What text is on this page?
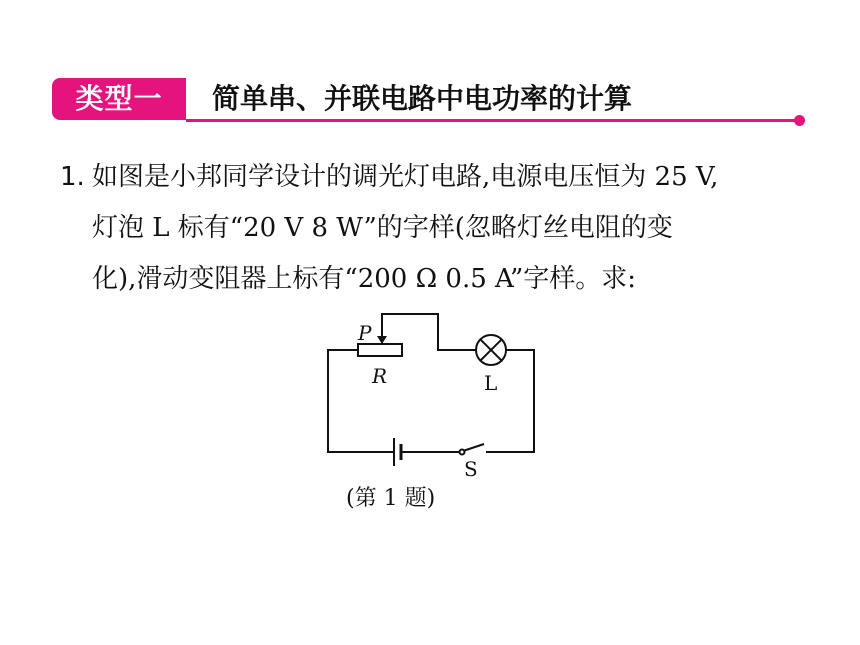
类型一	简单串、并联电路中电功率的计算
1. 如图是小邦同学设计的调光灯电路,电源电压恒为 25 V,
灯泡 L 标有“20 V 8 W”的字样(忽略灯丝电阻的变
化),滑动变阻器上标有“200 Ω 0.5 A”字样。求:
P
R	L
S
(第 1 题)
